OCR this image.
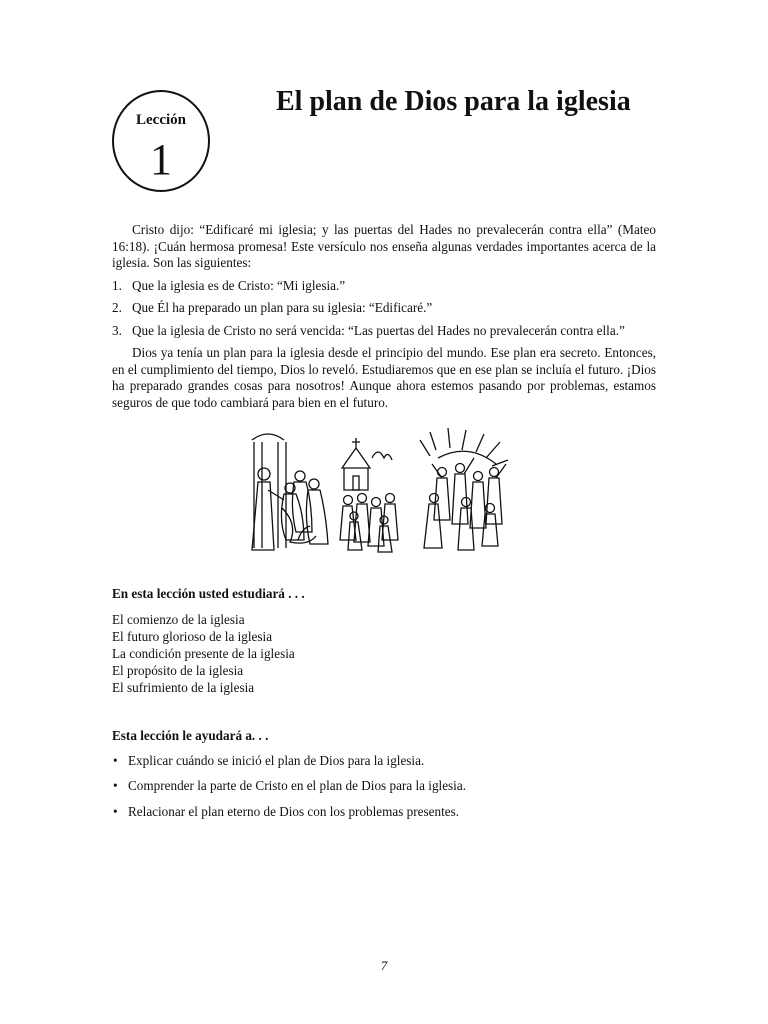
Lección
1
El plan de Dios para la iglesia

Cristo dijo: “Edificaré mi iglesia; y las puertas del Hades no prevalecerán contra ella” (Mateo 16:18). ¡Cuán hermosa promesa! Este versículo nos enseña algunas verdades importantes acerca de la iglesia. Son las siguientes:

1. Que la iglesia es de Cristo: “Mi iglesia.”
2. Que Él ha preparado un plan para su iglesia: “Edificaré.”
3. Que la iglesia de Cristo no será vencida: “Las puertas del Hades no prevalecerán contra ella.”

Dios ya tenía un plan para la iglesia desde el principio del mundo. Ese plan era secreto. Entonces, en el cumplimiento del tiempo, Dios lo reveló. Estudiaremos que en ese plan se incluía el futuro. ¡Dios ha preparado grandes cosas para nosotros! Aunque ahora estemos pasando por problemas, estamos seguros de que todo cambiará para bien en el futuro.

En esta lección usted estudiará . . .
El comienzo de la iglesia
El futuro glorioso de la iglesia
La condición presente de la iglesia
El propósito de la iglesia
El sufrimiento de la iglesia
Esta lección le ayudará a. . .
• Explicar cuándo se inició el plan de Dios para la iglesia.
• Comprender la parte de Cristo en el plan de Dios para la iglesia.
• Relacionar el plan eterno de Dios con los problemas presentes.
7
